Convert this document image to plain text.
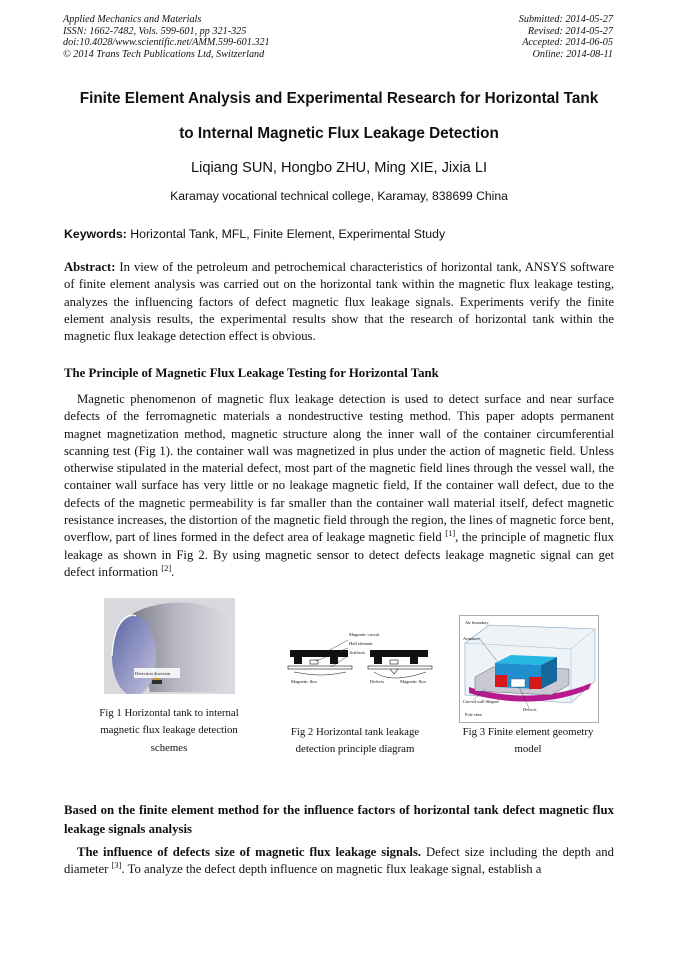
Applied Mechanics and Materials
ISSN: 1662-7482, Vols. 599-601, pp 321-325
doi:10.4028/www.scientific.net/AMM.599-601.321
© 2014 Trans Tech Publications Ltd, Switzerland
Submitted: 2014-05-27
Revised: 2014-05-27
Accepted: 2014-06-05
Online: 2014-08-11
Finite Element Analysis and Experimental Research for Horizontal Tank
to Internal Magnetic Flux Leakage Detection
Liqiang SUN, Hongbo ZHU, Ming XIE, Jixia LI
Karamay vocational technical college, Karamay, 838699 China
Keywords: Horizontal Tank, MFL, Finite Element, Experimental Study
Abstract: In view of the petroleum and petrochemical characteristics of horizontal tank, ANSYS software of finite element analysis was carried out on the horizontal tank within the magnetic flux leakage testing, analyzes the influencing factors of defect magnetic flux leakage signals. Experiments verify the finite element analysis results, the experimental results show that the research of horizontal tank within the magnetic flux leakage detection effect is obvious.
The Principle of Magnetic Flux Leakage Testing for Horizontal Tank
Magnetic phenomenon of magnetic flux leakage detection is used to detect surface and near surface defects of the ferromagnetic materials a nondestructive testing method. This paper adopts permanent magnet magnetization method, magnetic structure along the inner wall of the container circumferential scanning test (Fig 1). the container wall was magnetized in plus under the action of magnetic field. Unless otherwise stipulated in the material defect, most part of the magnetic field lines through the vessel wall, the container wall surface has very little or no leakage magnetic field, If the container wall defect, due to the defects of the magnetic permeability is far smaller than the container wall material itself, defect magnetic resistance increases, the distortion of the magnetic field through the region, the lines of magnetic force bent, overflow, part of lines formed in the defect area of leakage magnetic field [1], the principle of magnetic flux leakage as shown in Fig 2. By using magnetic sensor to detect defects leakage magnetic signal can get defect information [2].
Detection direction
Fig 1 Horizontal tank to internal
magnetic flux leakage detection
schemes
Magnetic circuit
Hall element
Artifacts
Magnetic flux	Defects	Magnetic flux
Fig 2 Horizontal tank leakage
detection principle diagram
Air boundary
Armature
Curved wall Shaped
Pole shoe
Defects
Fig 3 Finite element geometry
model
Based on the finite element method for the influence factors of horizontal tank defect magnetic flux leakage signals analysis
The influence of defects size of magnetic flux leakage signals. Defect size including the depth and diameter [3]. To analyze the defect depth influence on magnetic flux leakage signal, establish a
